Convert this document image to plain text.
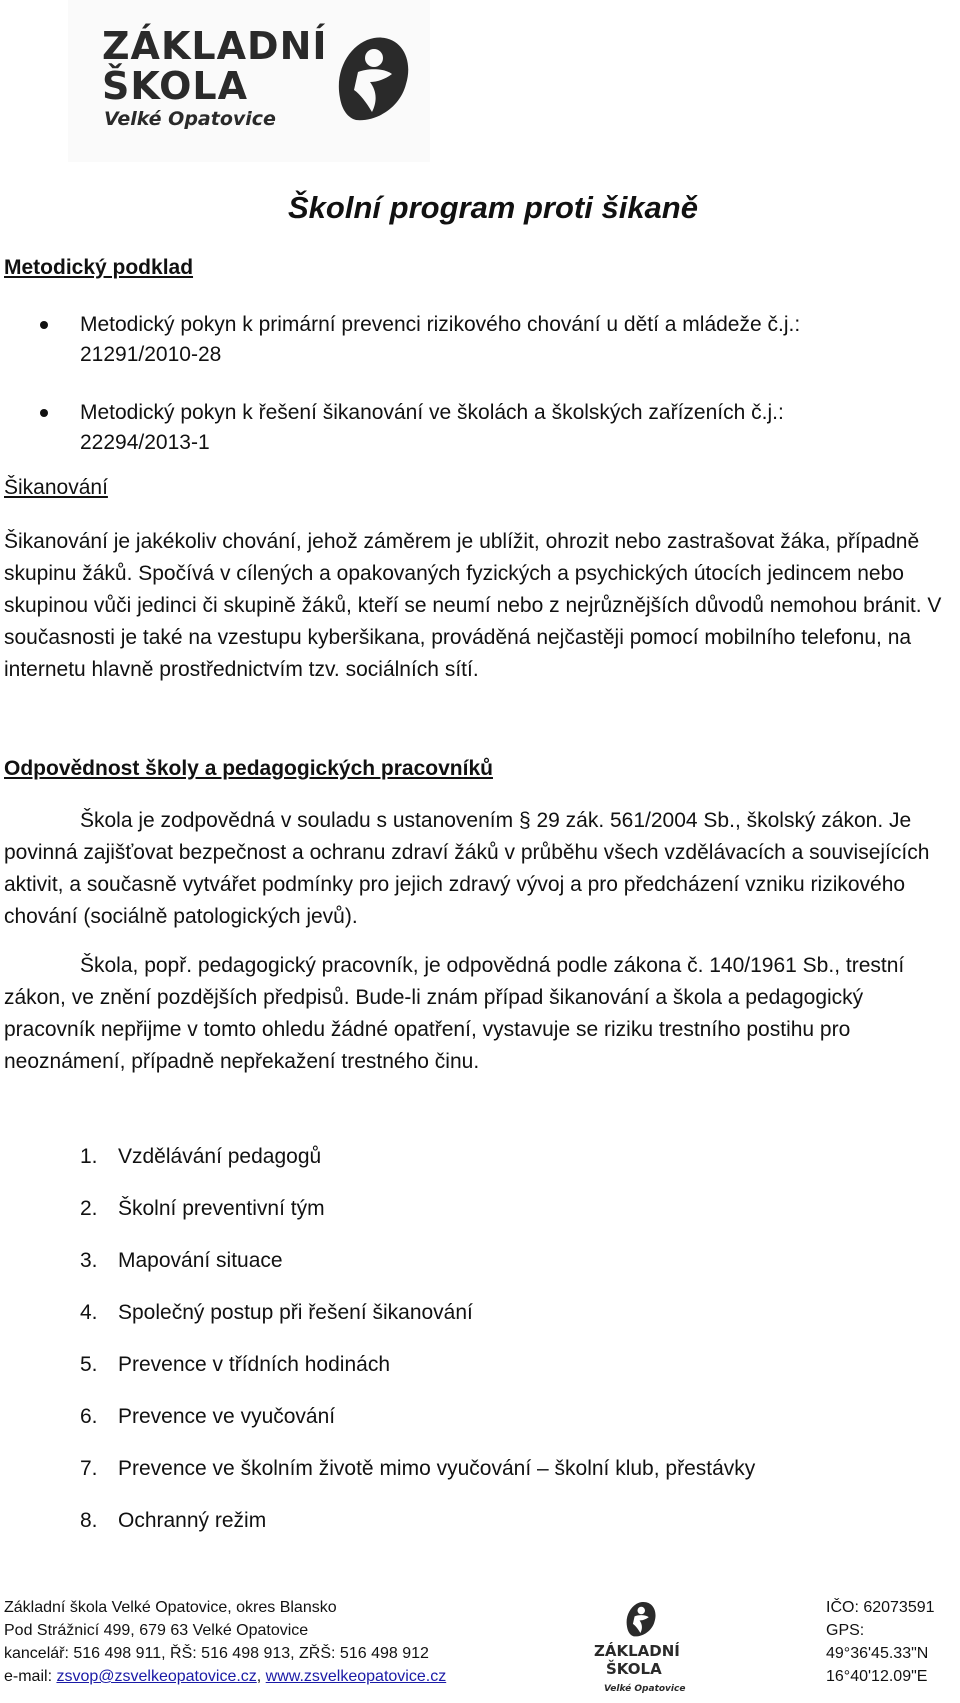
ZÁKLADNÍ
ŠKOLA
Velké Opatovice
Školní program proti šikaně
Metodický podklad
Metodický pokyn k primární prevenci rizikového chování u dětí a mládeže č.j.:
21291/2010-28
Metodický pokyn k řešení šikanování ve školách a školských zařízeních č.j.:
22294/2013-1
Šikanování

Šikanování je jakékoliv chování, jehož záměrem je ublížit, ohrozit nebo zastrašovat žáka, případně skupinu žáků. Spočívá v cílených a opakovaných fyzických a psychických útocích jedincem nebo skupinou vůči jedinci či skupině žáků, kteří se neumí nebo z nejrůznějších důvodů nemohou bránit. V současnosti je také na vzestupu kyberšikana, prováděná nejčastěji pomocí mobilního telefonu, na internetu hlavně prostřednictvím tzv. sociálních sítí.

Odpovědnost školy a pedagogických pracovníků

Škola je zodpovědná v souladu s ustanovením § 29 zák. 561/2004 Sb., školský zákon. Je povinná zajišťovat bezpečnost a ochranu zdraví žáků v průběhu všech vzdělávacích a souvisejících aktivit, a současně vytvářet podmínky pro jejich zdravý vývoj a pro předcházení vzniku rizikového chování (sociálně patologických jevů).

Škola, popř. pedagogický pracovník, je odpovědná podle zákona č. 140/1961 Sb., trestní zákon, ve znění pozdějších předpisů. Bude-li znám případ šikanování a škola a pedagogický pracovník nepřijme v tomto ohledu žádné opatření, vystavuje se riziku trestního postihu pro neoznámení, případně nepřekažení trestného činu.

1. Vzdělávání pedagogů
2. Školní preventivní tým
3. Mapování situace
4. Společný postup při řešení šikanování
5. Prevence v třídních hodinách
6. Prevence ve vyučování
7. Prevence ve školním životě mimo vyučování – školní klub, přestávky
8. Ochranný režim
Základní škola Velké Opatovice, okres Blansko
Pod Strážnicí 499, 679 63 Velké Opatovice
kancelář: 516 498 911, ŘŠ: 516 498 913, ZŘŠ: 516 498 912
e-mail: zsvop@zsvelkeopatovice.cz, www.zsvelkeopatovice.cz
ZÁKLADNÍ
ŠKOLA
Velké Opatovice
IČO: 62073591
GPS:
49°36'45.33"N
16°40'12.09"E
